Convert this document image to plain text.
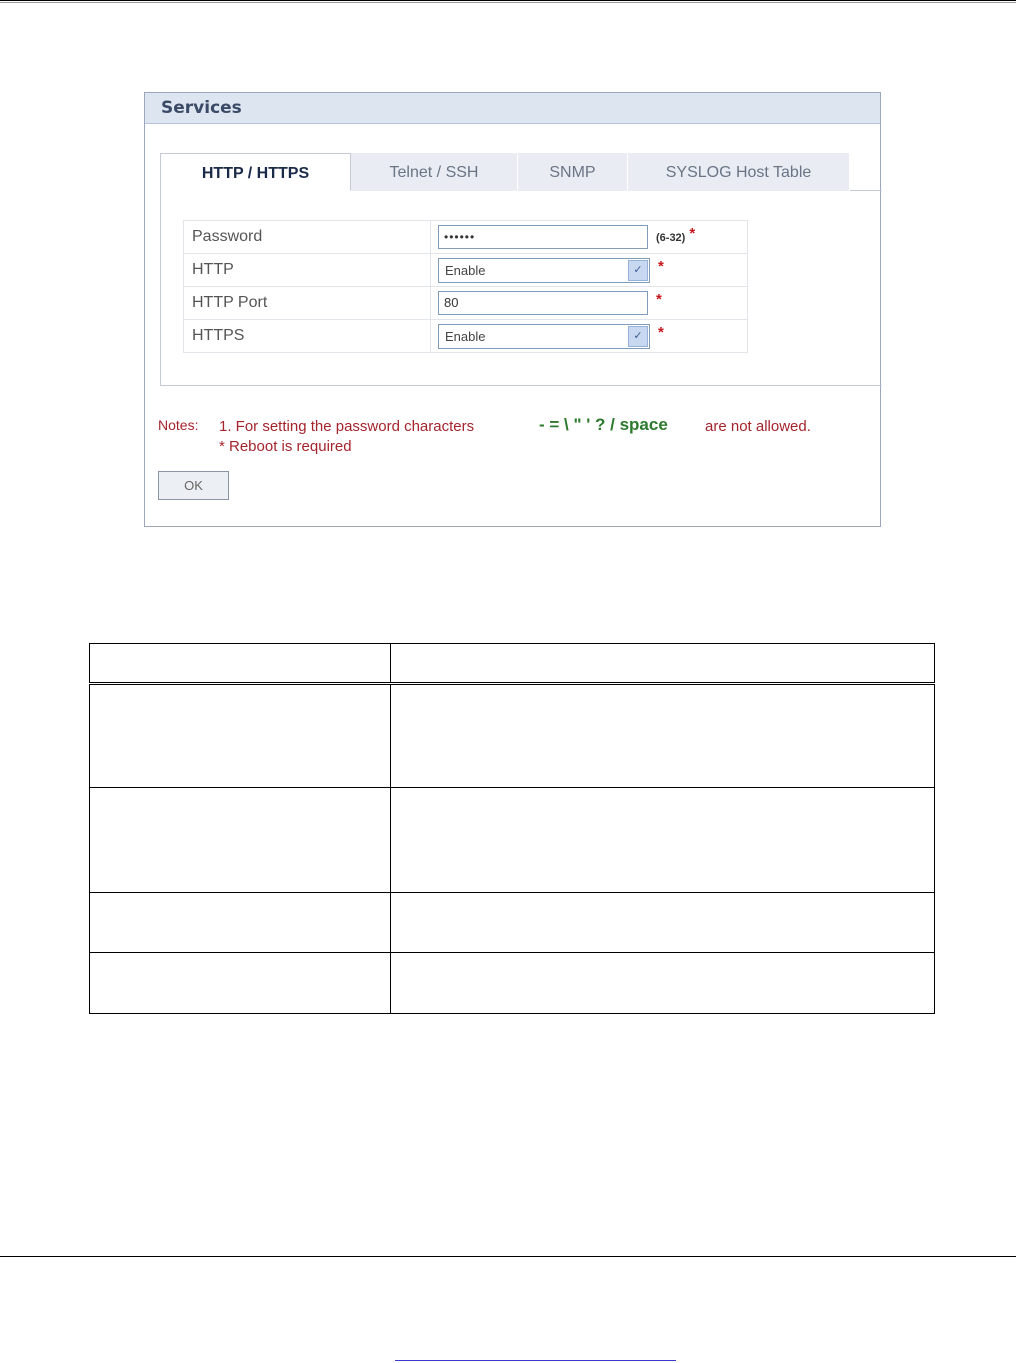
Services
HTTP / HTTPS	Telnet / SSH	SNMP	SYSLOG Host Table
Password	•••••• (6-32) *
HTTP	Enable ✓ *
HTTP Port	80 *
HTTPS	Enable ✓ *
Notes: 1. For setting the password characters	- = \ " ' ? / space are not allowed.
* Reboot is required
OK
